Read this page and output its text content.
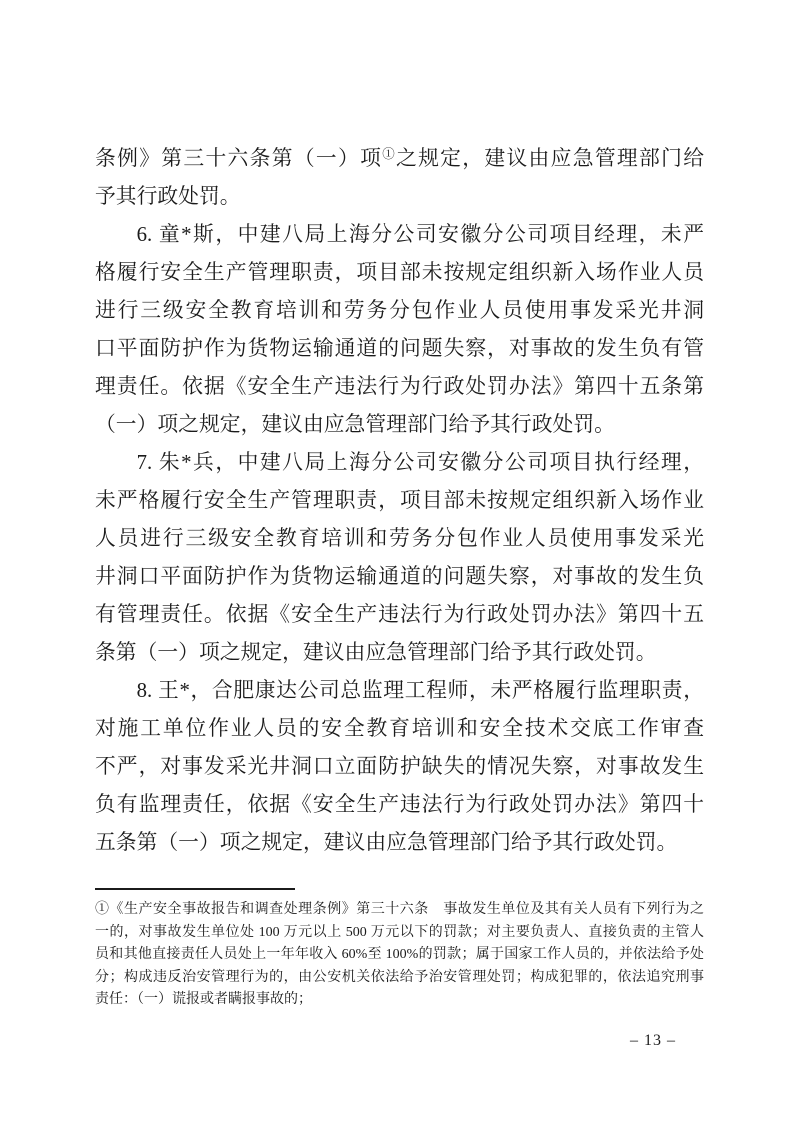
条例》第三十六条第（一）项①之规定，建议由应急管理部门给
予其行政处罚。
6. 童*斯，中建八局上海分公司安徽分公司项目经理，未严
格履行安全生产管理职责，项目部未按规定组织新入场作业人员
进行三级安全教育培训和劳务分包作业人员使用事发采光井洞
口平面防护作为货物运输通道的问题失察，对事故的发生负有管
理责任。依据《安全生产违法行为行政处罚办法》第四十五条第
（一）项之规定，建议由应急管理部门给予其行政处罚。
7. 朱*兵，中建八局上海分公司安徽分公司项目执行经理，
未严格履行安全生产管理职责，项目部未按规定组织新入场作业
人员进行三级安全教育培训和劳务分包作业人员使用事发采光
井洞口平面防护作为货物运输通道的问题失察，对事故的发生负
有管理责任。依据《安全生产违法行为行政处罚办法》第四十五
条第（一）项之规定，建议由应急管理部门给予其行政处罚。
8. 王*，合肥康达公司总监理工程师，未严格履行监理职责，
对施工单位作业人员的安全教育培训和安全技术交底工作审查
不严，对事发采光井洞口立面防护缺失的情况失察，对事故发生
负有监理责任，依据《安全生产违法行为行政处罚办法》第四十
五条第（一）项之规定，建议由应急管理部门给予其行政处罚。
①《生产安全事故报告和调查处理条例》第三十六条　事故发生单位及其有关人员有下列行为之
一的，对事故发生单位处 100 万元以上 500 万元以下的罚款；对主要负责人、直接负责的主管人
员和其他直接责任人员处上一年年收入 60%至 100%的罚款；属于国家工作人员的，并依法给予处
分；构成违反治安管理行为的，由公安机关依法给予治安管理处罚；构成犯罪的，依法追究刑事
责任：（一）谎报或者瞒报事故的；
– 13 –
